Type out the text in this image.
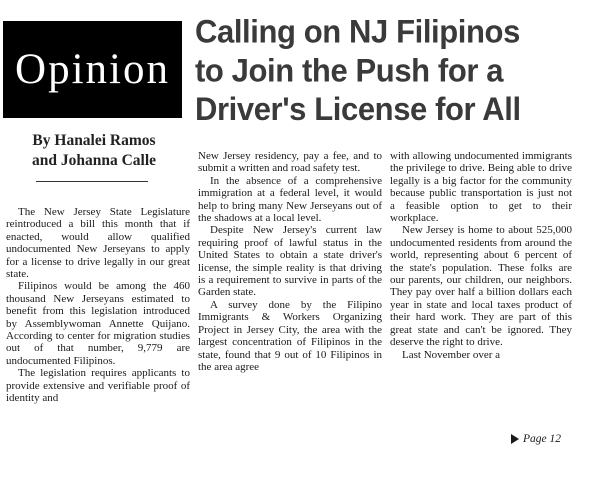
Opinion
Calling on NJ Filipinos
to Join the Push for a
Driver's License for All
By Hanalei Ramos
and Johanna Calle

The New Jersey State Legislature reintroduced a bill this month that if enacted, would allow qualified undocumented New Jerseyans to apply for a license to drive legally in our great state.

Filipinos would be among the 460 thousand New Jerseyans estimated to benefit from this legislation introduced by Assemblywoman Annette Quijano. According to center for migration studies out of that number, 9,779 are undocumented Filipinos.

The legislation requires applicants to provide extensive and verifiable proof of identity and

New Jersey residency, pay a fee, and to submit a written and road safety test.

In the absence of a comprehensive immigration at a federal level, it would help to bring many New Jerseyans out of the shadows at a local level.

Despite New Jersey's current law requiring proof of lawful status in the United States to obtain a state driver's license, the simple reality is that driving is a requirement to survive in parts of the Garden state.

A survey done by the Filipino Immigrants & Workers Organizing Project in Jersey City, the area with the largest concentration of Filipinos in the state, found that 9 out of 10 Filipinos in the area agree

with allowing undocumented immigrants the privilege to drive. Being able to drive legally is a big factor for the community because public transportation is just not a feasible option to get to their workplace.

New Jersey is home to about 525,000 undocumented residents from around the world, representing about 6 percent of the state's population. These folks are our parents, our children, our neighbors. They pay over half a billion dollars each year in state and local taxes product of their hard work. They are part of this great state and can't be ignored. They deserve the right to drive.

Last November over a

Page 12
